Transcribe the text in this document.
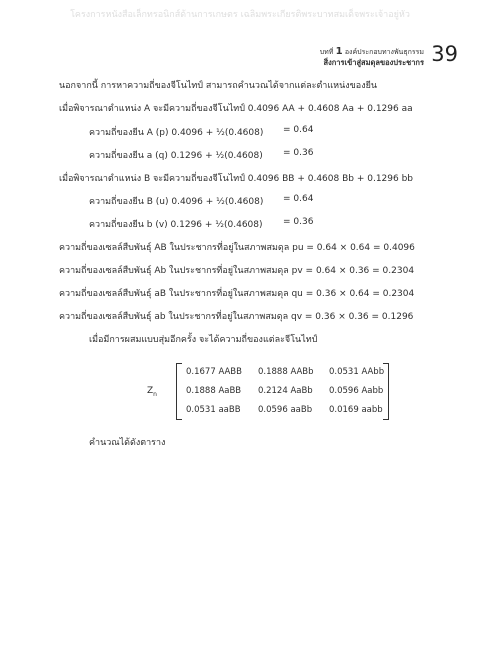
โครงการหนังสือเล็กทรอนิกส์ด้านการเกษตร เฉลิมพระเกียรติพระบาทสมเด็จพระเจ้าอยู่หัว
บทที่ 1 องค์ประกอบทางพันธุกรรม
สิ่งการเข้าสู่สมดุลของประชากร 39
นอกจากนี้ การหาความถี่ของจีโนไทป์ สามารถคำนวณได้จากแต่ละตำแหน่งของยีน
เมื่อพิจารณาตำแหน่ง A จะมีความถี่ของจีโนไทป์ 0.4096 AA + 0.4608 Aa + 0.1296 aa
ความถี่ของยีน A (p) 0.4096 + ½(0.4608) = 0.64
ความถี่ของยีน a (q) 0.1296 + ½(0.4608) = 0.36
เมื่อพิจารณาตำแหน่ง B จะมีความถี่ของจีโนไทป์ 0.4096 BB + 0.4608 Bb + 0.1296 bb
ความถี่ของยีน B (u) 0.4096 + ½(0.4608) = 0.64
ความถี่ของยีน b (v) 0.1296 + ½(0.4608) = 0.36
ความถี่ของเซลล์สืบพันธุ์ AB ในประชากรที่อยู่ในสภาพสมดุล pu = 0.64 × 0.64 = 0.4096
ความถี่ของเซลล์สืบพันธุ์ Ab ในประชากรที่อยู่ในสภาพสมดุล pv = 0.64 × 0.36 = 0.2304
ความถี่ของเซลล์สืบพันธุ์ aB ในประชากรที่อยู่ในสภาพสมดุล qu = 0.36 × 0.64 = 0.2304
ความถี่ของเซลล์สืบพันธุ์ ab ในประชากรที่อยู่ในสภาพสมดุล qv = 0.36 × 0.36 = 0.1296
เมื่อมีการผสมแบบสุ่มอีกครั้ง จะได้ความถี่ของแต่ละจีโนไทป์
$Z_n$
0.1677 AABB 0.1888 AABb 0.0531 AAbb
0.1888 AaBB 0.2124 AaBb 0.0596 Aabb
0.0531 aaBB 0.0596 aaBb 0.0169 aabb
คำนวณได้ดังตาราง
